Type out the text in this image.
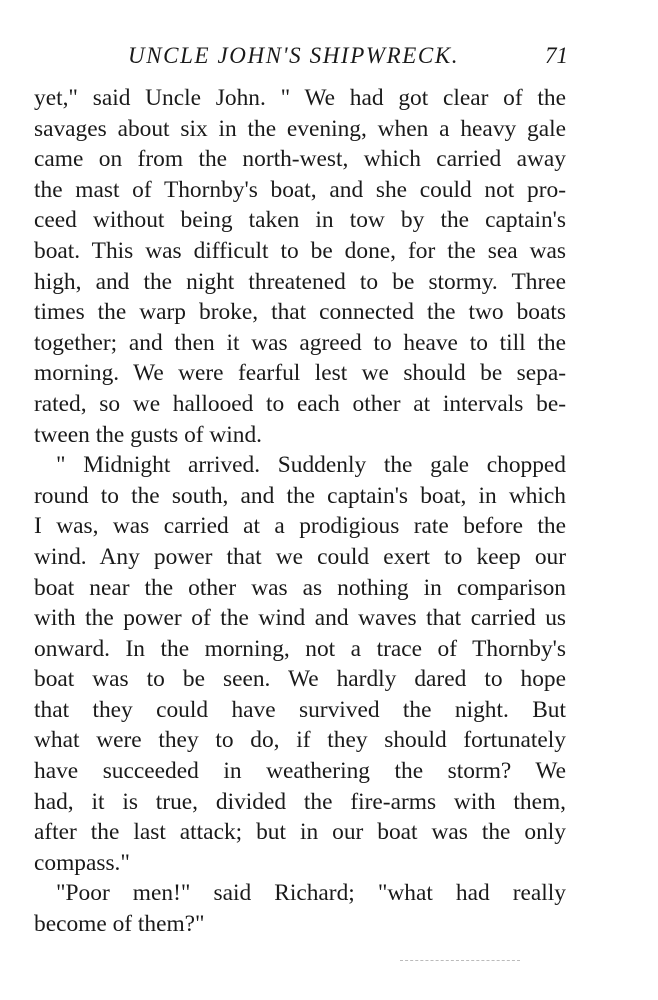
UNCLE JOHN'S SHIPWRECK.	71

yet," said Uncle John. " We had got clear of the
savages about six in the evening, when a heavy gale
came on from the north-west, which carried away
the mast of Thornby's boat, and she could not pro-
ceed without being taken in tow by the captain's
boat. This was difficult to be done, for the sea was
high, and the night threatened to be stormy. Three
times the warp broke, that connected the two boats
together; and then it was agreed to heave to till the
morning. We were fearful lest we should be sepa-
rated, so we hallooed to each other at intervals be-
tween the gusts of wind.

" Midnight arrived. Suddenly the gale chopped
round to the south, and the captain's boat, in which
I was, was carried at a prodigious rate before the
wind. Any power that we could exert to keep our
boat near the other was as nothing in comparison
with the power of the wind and waves that carried us
onward. In the morning, not a trace of Thornby's
boat was to be seen. We hardly dared to hope
that they could have survived the night. But
what were they to do, if they should fortunately
have succeeded in weathering the storm? We
had, it is true, divided the fire-arms with them,
after the last attack; but in our boat was the only
compass."

"Poor men!" said Richard; "what had really
become of them?"
